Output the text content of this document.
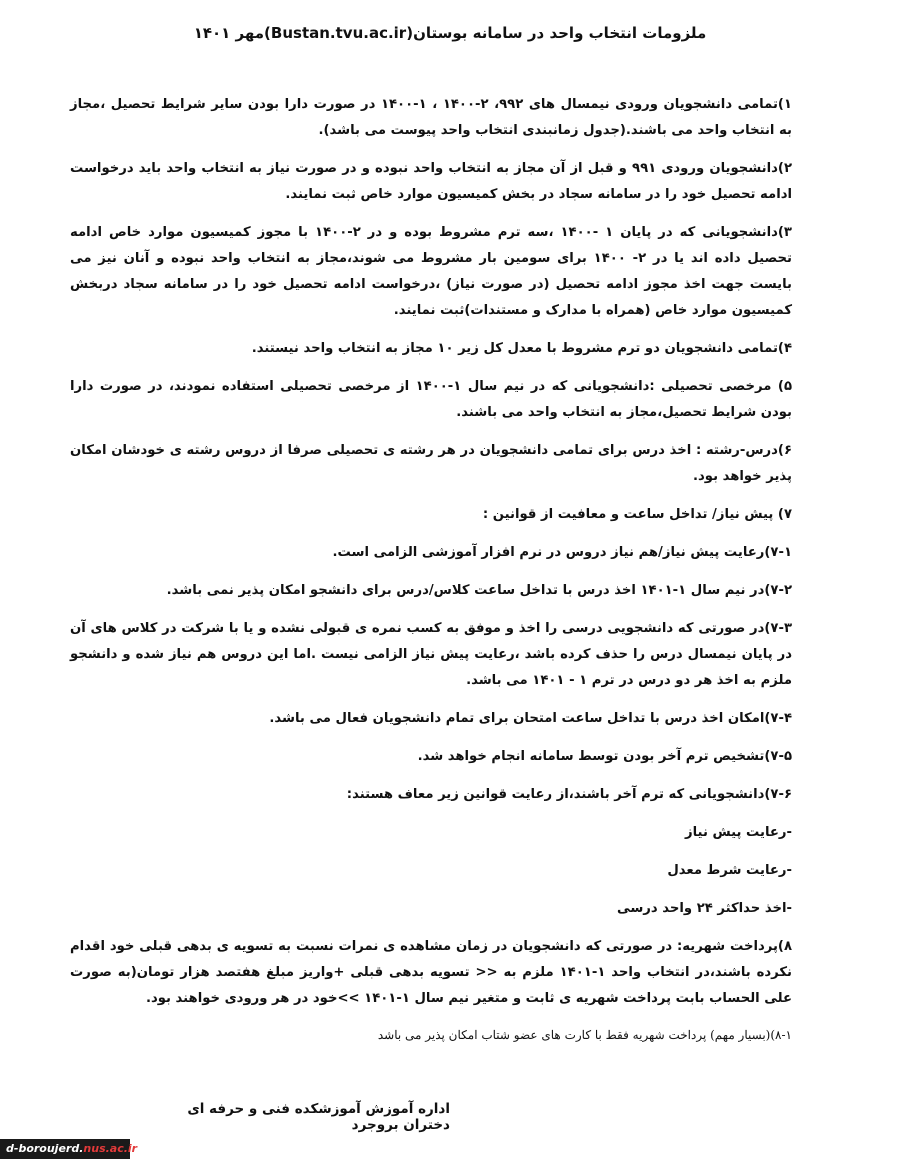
ملزومات انتخاب واحد در سامانه بوستان(Bustan.tvu.ac.ir)مهر ۱۴۰۱

۱)تمامی دانشجویان ورودی نیمسال های ۹۹۲، ۲-۱۴۰۰ ، ۱-۱۴۰۰ در صورت دارا بودن سایر شرایط تحصیل ،مجاز به انتخاب واحد می باشند.(جدول زمانبندی انتخاب واحد پیوست می باشد).

۲)دانشجویان ورودی ۹۹۱ و قبل از آن مجاز به انتخاب واحد نبوده و در صورت نیاز به انتخاب واحد باید درخواست ادامه تحصیل خود را در سامانه سجاد در بخش کمیسیون موارد خاص ثبت نمایند.

۳)دانشجویانی که در پایان ۱ -۱۴۰۰ ،سه ترم مشروط بوده و در ۲-۱۴۰۰ با مجوز کمیسیون موارد خاص ادامه تحصیل داده اند یا در ۲- ۱۴۰۰ برای سومین بار مشروط می شوند،مجاز به انتخاب واحد نبوده و آنان نیز می بایست جهت اخذ مجوز ادامه تحصیل (در صورت نیاز) ،درخواست ادامه تحصیل خود را در سامانه سجاد دربخش کمیسیون موارد خاص (همراه با مدارک و مستندات)ثبت نمایند.

۴)تمامی دانشجویان دو ترم مشروط با معدل کل زیر ۱۰ مجاز به انتخاب واحد نیستند.

۵) مرخصی تحصیلی :دانشجویانی که در نیم سال ۱-۱۴۰۰ از مرخصی تحصیلی استفاده نمودند، در صورت دارا بودن شرایط تحصیل،مجاز به انتخاب واحد می باشند.

۶)درس-رشته : اخذ درس برای تمامی دانشجویان در هر رشته ی تحصیلی صرفا از دروس رشته ی خودشان امکان پذیر خواهد بود.

۷) پیش نیاز/ تداخل ساعت و معافیت از قوانین :

۷-۱)رعایت پیش نیاز/هم نیاز دروس در نرم افزار آموزشی الزامی است.

۷-۲)در نیم سال ۱-۱۴۰۱ اخذ درس با تداخل ساعت کلاس/درس برای دانشجو امکان پذیر نمی باشد.

۷-۳)در صورتی که دانشجویی درسی را اخذ و موفق به کسب نمره ی قبولی نشده و یا با شرکت در کلاس های آن در پایان نیمسال درس را حذف کرده باشد ،رعایت پیش نیاز الزامی نیست .اما این دروس هم نیاز شده و دانشجو ملزم به اخذ هر دو درس در ترم ۱ - ۱۴۰۱ می باشد.

۷-۴)امکان اخذ درس با تداخل ساعت امتحان برای تمام دانشجویان فعال می باشد.

۷-۵)تشخیص ترم آخر بودن توسط سامانه انجام خواهد شد.

۷-۶)دانشجویانی که ترم آخر باشند،از رعایت قوانین زیر معاف هستند:

-رعایت پیش نیاز

-رعایت شرط معدل

-اخذ حداکثر ۲۴ واحد درسی

۸)پرداخت شهریه: در صورتی که دانشجویان در زمان مشاهده ی نمرات نسبت به تسویه ی بدهی قبلی خود اقدام نکرده باشند،در انتخاب واحد ۱-۱۴۰۱ ملزم به << تسویه بدهی قبلی +واریز مبلغ هفتصد هزار تومان(به صورت علی الحساب بابت پرداخت شهریه ی ثابت و متغیر نیم سال ۱-۱۴۰۱ >>خود در هر ورودی خواهند بود.

۸-۱)(بسیار مهم) پرداخت شهریه فقط با کارت های عضو شتاب امکان پذیر می باشد

اداره آموزش آموزشکده فنی و حرفه ای دختران بروجرد
d-boroujerd.nus.ac.ir
